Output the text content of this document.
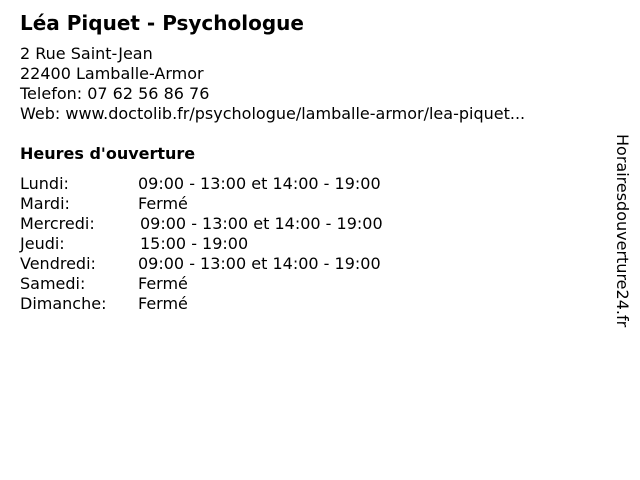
Léa Piquet - Psychologue
2 Rue Saint-Jean
22400 Lamballe-Armor
Telefon: 07 62 56 86 76
Web: www.doctolib.fr/psychologue/lamballe-armor/lea-piquet...
Heures d'ouverture
Lundi:	09:00 - 13:00 et 14:00 - 19:00
Mardi:	Fermé
Mercredi:	09:00 - 13:00 et 14:00 - 19:00
Jeudi:	15:00 - 19:00
Vendredi:	09:00 - 13:00 et 14:00 - 19:00
Samedi:	Fermé
Dimanche: Fermé	Horairesdouverture24.fr
